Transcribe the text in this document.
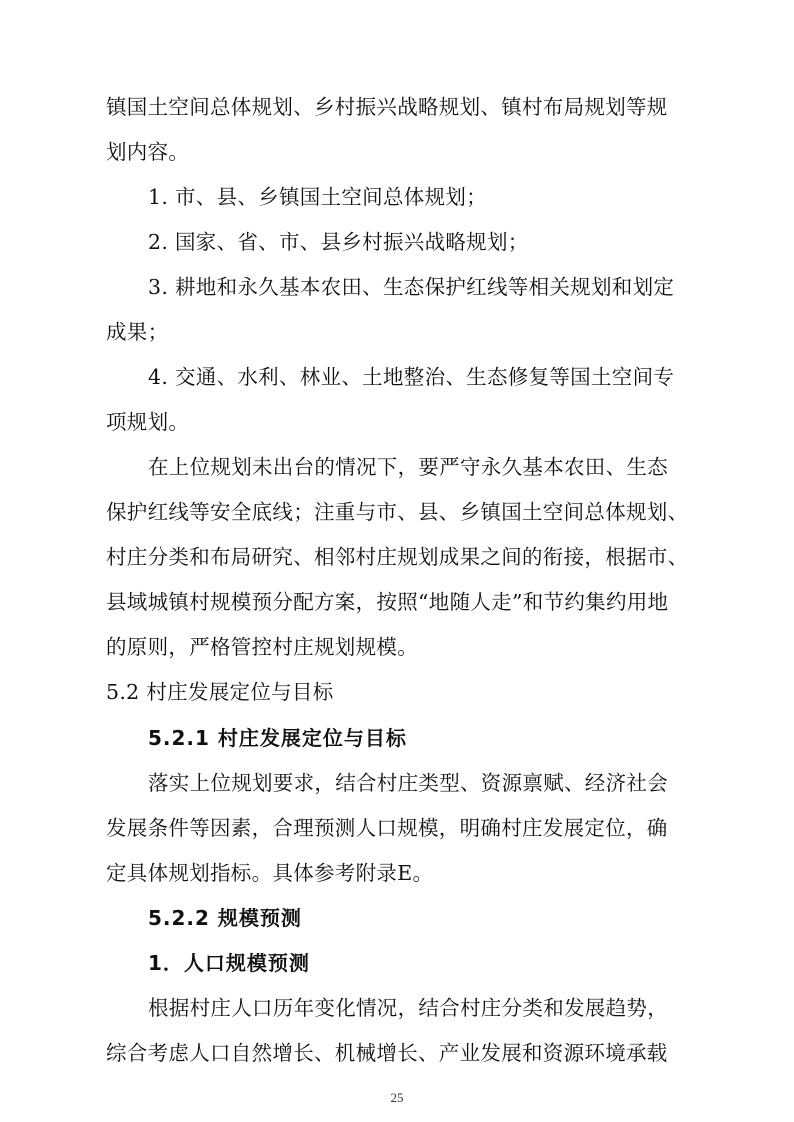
镇国土空间总体规划、乡村振兴战略规划、镇村布局规划等规
划内容。
1. 市、县、乡镇国土空间总体规划；
2. 国家、省、市、县乡村振兴战略规划；
3. 耕地和永久基本农田、生态保护红线等相关规划和划定
成果；
4. 交通、水利、林业、土地整治、生态修复等国土空间专
项规划。
在上位规划未出台的情况下，要严守永久基本农田、生态
保护红线等安全底线；注重与市、县、乡镇国土空间总体规划、
村庄分类和布局研究、相邻村庄规划成果之间的衔接，根据市、
县域城镇村规模预分配方案，按照“地随人走”和节约集约用地
的原则，严格管控村庄规划规模。
5.2 村庄发展定位与目标
5.2.1 村庄发展定位与目标
落实上位规划要求，结合村庄类型、资源禀赋、经济社会
发展条件等因素，合理预测人口规模，明确村庄发展定位，确
定具体规划指标。具体参考附录E。
5.2.2 规模预测
1．人口规模预测
根据村庄人口历年变化情况，结合村庄分类和发展趋势，
综合考虑人口自然增长、机械增长、产业发展和资源环境承载
25
